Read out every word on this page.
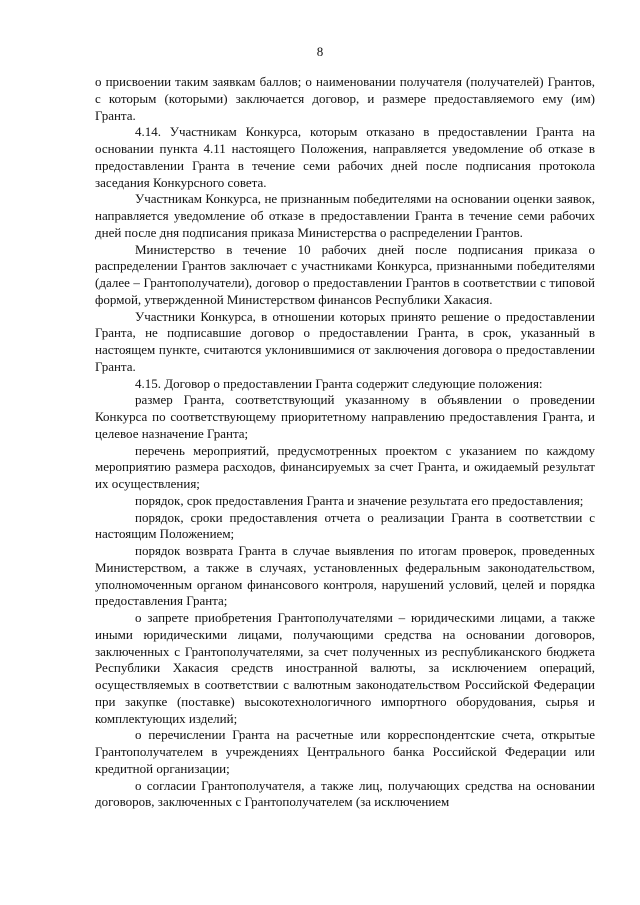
8

о присвоении таким заявкам баллов; о наименовании получателя (получателей) Грантов, с которым (которыми) заключается договор, и размере предоставляемого ему (им) Гранта.

4.14. Участникам Конкурса, которым отказано в предоставлении Гранта на основании пункта 4.11 настоящего Положения, направляется уведомление об отказе в предоставлении Гранта в течение семи рабочих дней после подписания протокола заседания Конкурсного совета.

Участникам Конкурса, не признанным победителями на основании оценки заявок, направляется уведомление об отказе в предоставлении Гранта в течение семи рабочих дней после дня подписания приказа Министерства о распределении Грантов.

Министерство в течение 10 рабочих дней после подписания приказа о распределении Грантов заключает с участниками Конкурса, признанными победителями (далее – Грантополучатели), договор о предоставлении Грантов в соответствии с типовой формой, утвержденной Министерством финансов Республики Хакасия.

Участники Конкурса, в отношении которых принято решение о предоставлении Гранта, не подписавшие договор о предоставлении Гранта, в срок, указанный в настоящем пункте, считаются уклонившимися от заключения договора о предоставлении Гранта.

4.15. Договор о предоставлении Гранта содержит следующие положения:

размер Гранта, соответствующий указанному в объявлении о проведении Конкурса по соответствующему приоритетному направлению предоставления Гранта, и целевое назначение Гранта;

перечень мероприятий, предусмотренных проектом с указанием по каждому мероприятию размера расходов, финансируемых за счет Гранта, и ожидаемый результат их осуществления;

порядок, срок предоставления Гранта и значение результата его предоставления;

порядок, сроки предоставления отчета о реализации Гранта в соответствии с настоящим Положением;

порядок возврата Гранта в случае выявления по итогам проверок, проведенных Министерством, а также в случаях, установленных федеральным законодательством, уполномоченным органом финансового контроля, нарушений условий, целей и порядка предоставления Гранта;

о запрете приобретения Грантополучателями – юридическими лицами, а также иными юридическими лицами, получающими средства на основании договоров, заключенных с Грантополучателями, за счет полученных из республиканского бюджета Республики Хакасия средств иностранной валюты, за исключением операций, осуществляемых в соответствии с валютным законодательством Российской Федерации при закупке (поставке) высокотехнологичного импортного оборудования, сырья и комплектующих изделий;

о перечислении Гранта на расчетные или корреспондентские счета, открытые Грантополучателем в учреждениях Центрального банка Российской Федерации или кредитной организации;

о согласии Грантополучателя, а также лиц, получающих средства на основании договоров, заключенных с Грантополучателем (за исключением
